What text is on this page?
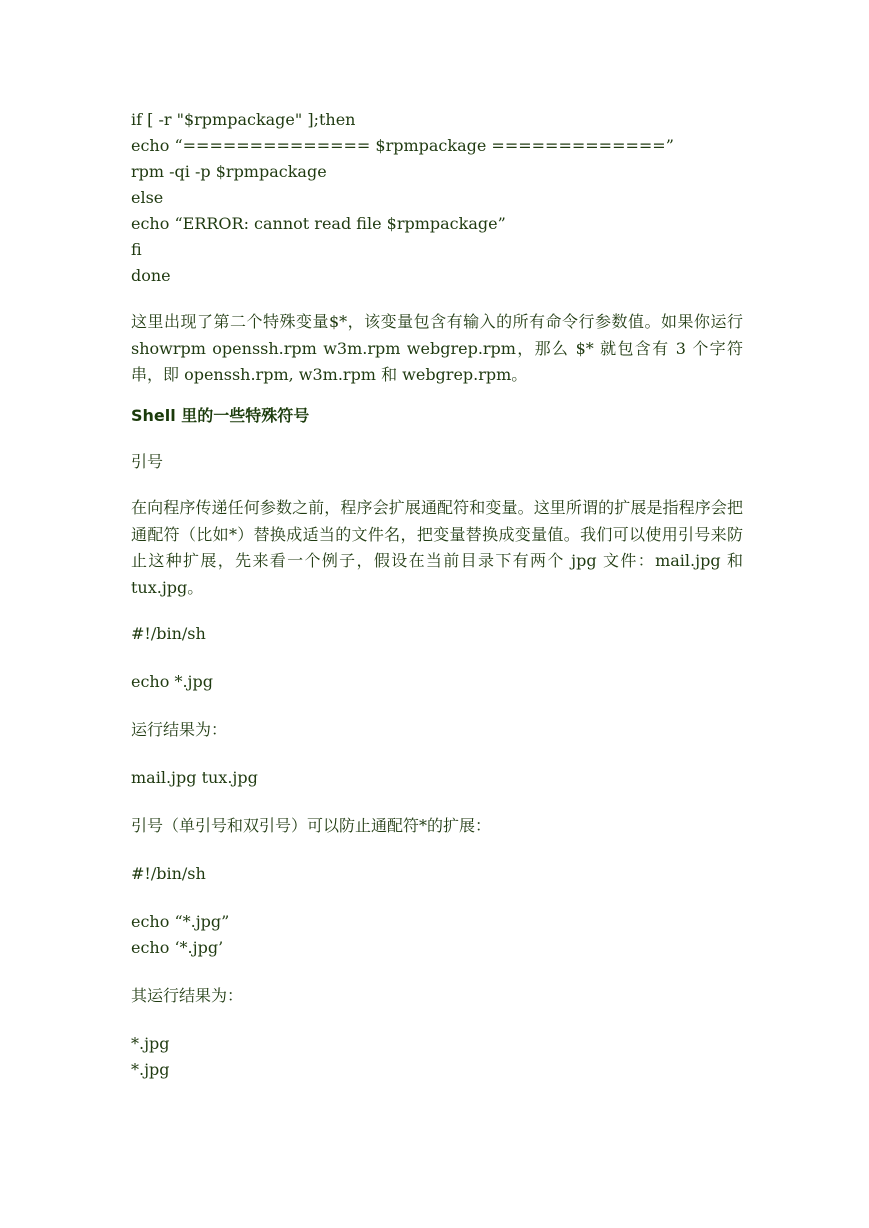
if [ -r "$rpmpackage" ];then
echo “============== $rpmpackage =============”
rpm -qi -p $rpmpackage
else
echo “ERROR: cannot read file $rpmpackage”
fi
done

这里出现了第二个特殊变量$*，该变量包含有输入的所有命令行参数值。如果你运行 showrpm openssh.rpm w3m.rpm webgrep.rpm，那么 $* 就包含有 3 个字符串，即 openssh.rpm, w3m.rpm 和 webgrep.rpm。

Shell 里的一些特殊符号

引号

在向程序传递任何参数之前，程序会扩展通配符和变量。这里所谓的扩展是指程序会把通配符（比如*）替换成适当的文件名，把变量替换成变量值。我们可以使用引号来防止这种扩展，先来看一个例子，假设在当前目录下有两个 jpg 文件：mail.jpg 和 tux.jpg。

#!/bin/sh
echo *.jpg
运行结果为：
mail.jpg tux.jpg
引号（单引号和双引号）可以防止通配符*的扩展：
#!/bin/sh
echo “*.jpg”
echo ‘*.jpg’
其运行结果为：
*.jpg
*.jpg
